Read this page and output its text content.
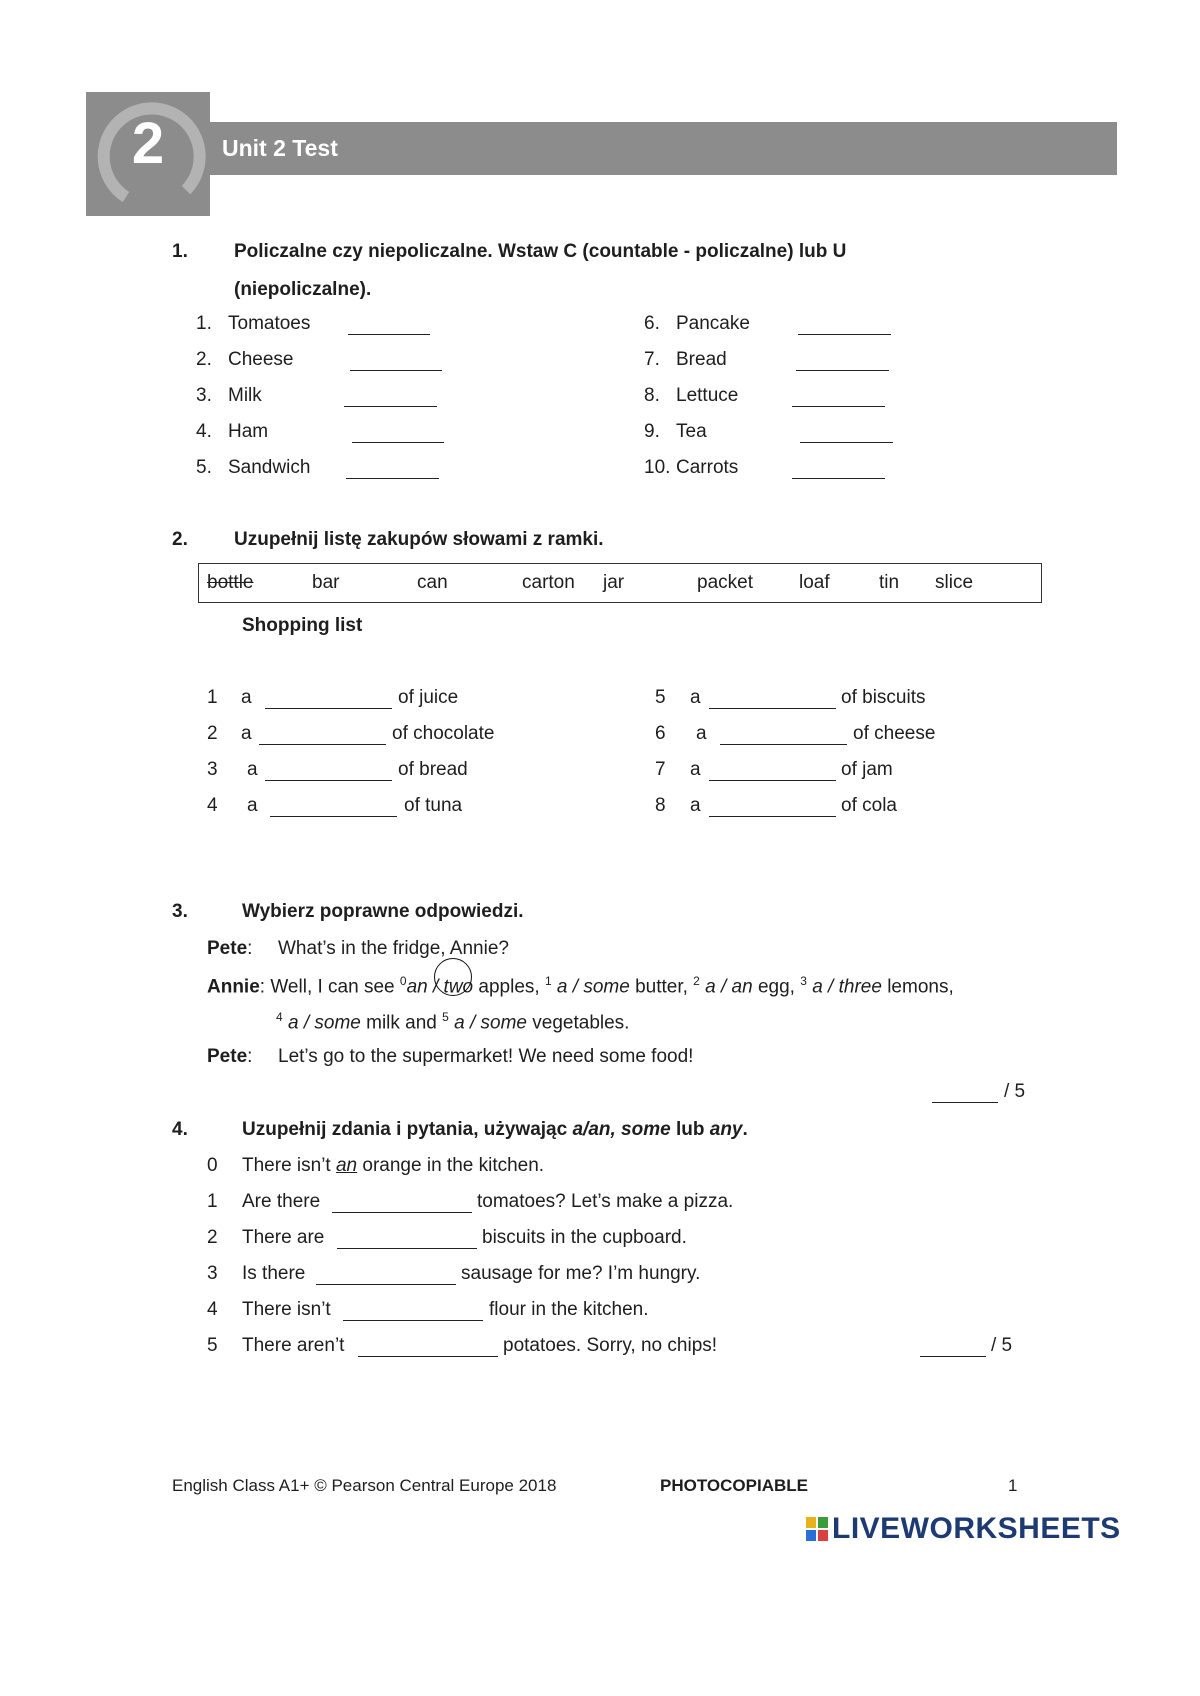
2	Unit 2 Test
1. Policzalne czy niepoliczalne. Wstaw C (countable - policzalne) lub U
(niepoliczalne).
1. Tomatoes
2. Cheese
3. Milk
4. Ham
5. Sandwich
6. Pancake
7. Bread
8. Lettuce
9. Tea
10. Carrots
2. Uzupełnij listę zakupów słowami z ramki.
bottle	bar	can	carton jar	packet loaf	tin slice
Shopping list
1 a	of juice
2 a	of chocolate
3 a	of bread
4 a	of tuna
5 a	of biscuits
6 a	of cheese
7 a	of jam
8 a	of cola
3.	Wybierz poprawne odpowiedzi.
Pete: What’s in the fridge, Annie?
Annie: Well, I can see $^0$an / two apples, $^1$ a / some butter, $^2$ a / an egg, $^3$ a / three lemons,
$^4$ a / some milk and $^5$ a / some vegetables.
Pete: Let’s go to the supermarket! We need some food!
/ 5
4.	Uzupełnij zdania i pytania, używając a/an, some lub any.
0 There isn’t an orange in the kitchen.
1 Are there	tomatoes? Let’s make a pizza.
2 There are	biscuits in the cupboard.
3 Is there	sausage for me? I’m hungry.
4 There isn’t	flour in the kitchen.
5 There aren’t	potatoes. Sorry, no chips!	/ 5
English Class A1+ © Pearson Central Europe 2018	PHOTOCOPIABLE	1
LIVEWORKSHEETS
